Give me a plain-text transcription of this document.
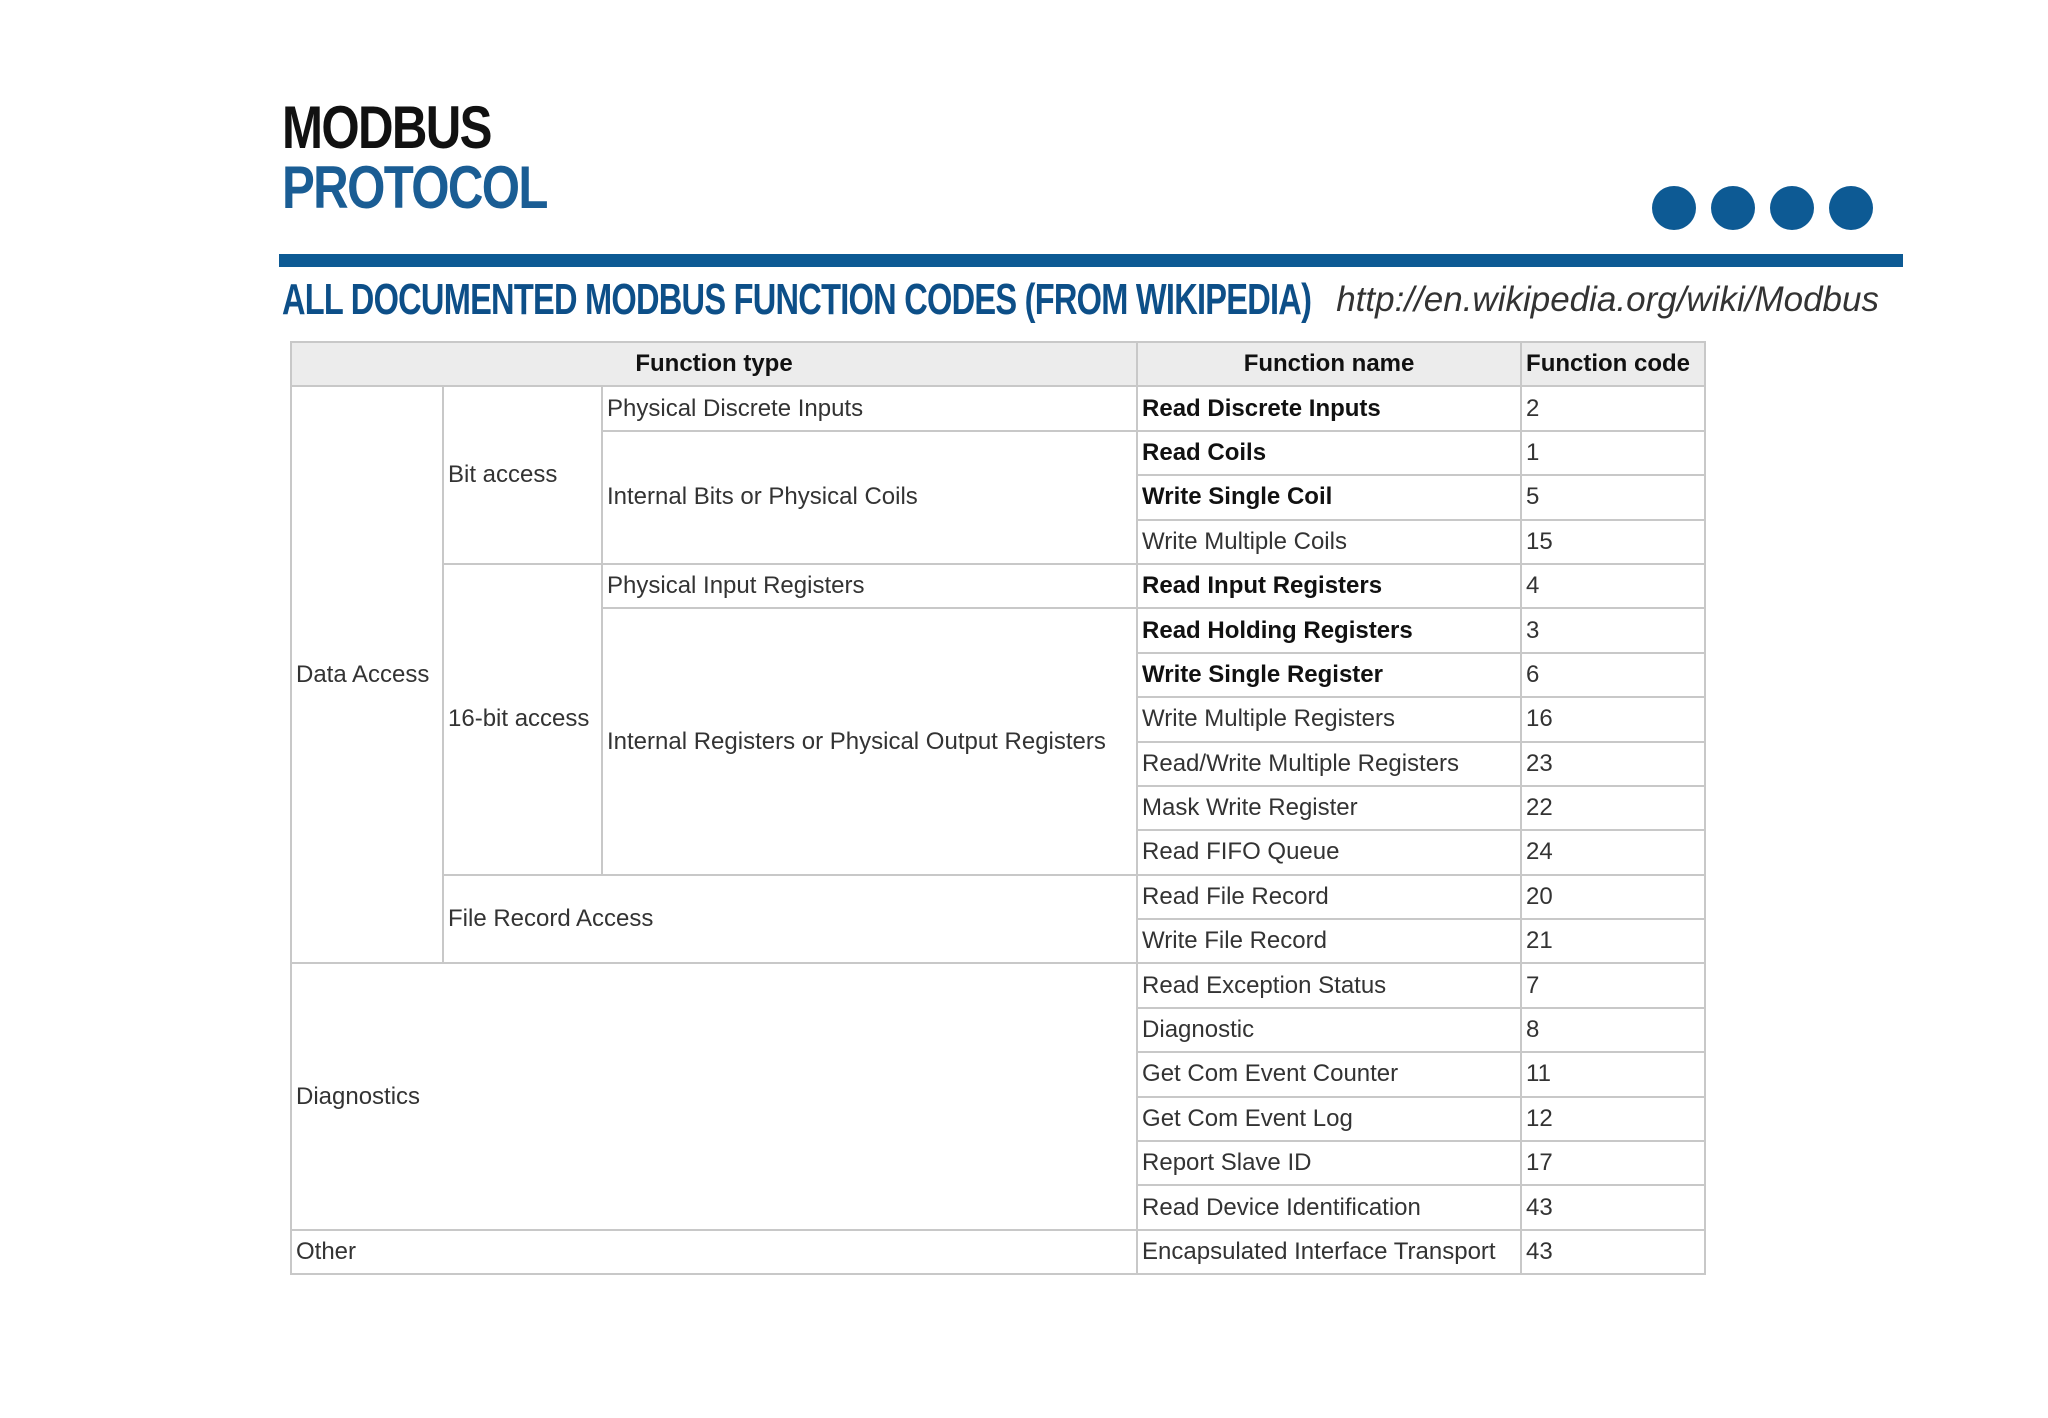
MODBUS
PROTOCOL
ALL DOCUMENTED MODBUS FUNCTION CODES (FROM WIKIPEDIA) http://en.wikipedia.org/wiki/Modbus
Function type			Function name	Function code
Data Access	Bit access	Physical Discrete Inputs	Read Discrete Inputs	2
		Internal Bits or Physical Coils	Read Coils	1
			Write Single Coil	5
			Write Multiple Coils	15
	16-bit access	Physical Input Registers	Read Input Registers	4
		Internal Registers or Physical Output Registers	Read Holding Registers	3
			Write Single Register	6
			Write Multiple Registers	16
			Read/Write Multiple Registers	23
			Mask Write Register	22
			Read FIFO Queue	24
	File Record Access		Read File Record	20
			Write File Record	21
Diagnostics			Read Exception Status	7
			Diagnostic	8
			Get Com Event Counter	11
			Get Com Event Log	12
			Report Slave ID	17
			Read Device Identification	43
Other			Encapsulated Interface Transport	43
